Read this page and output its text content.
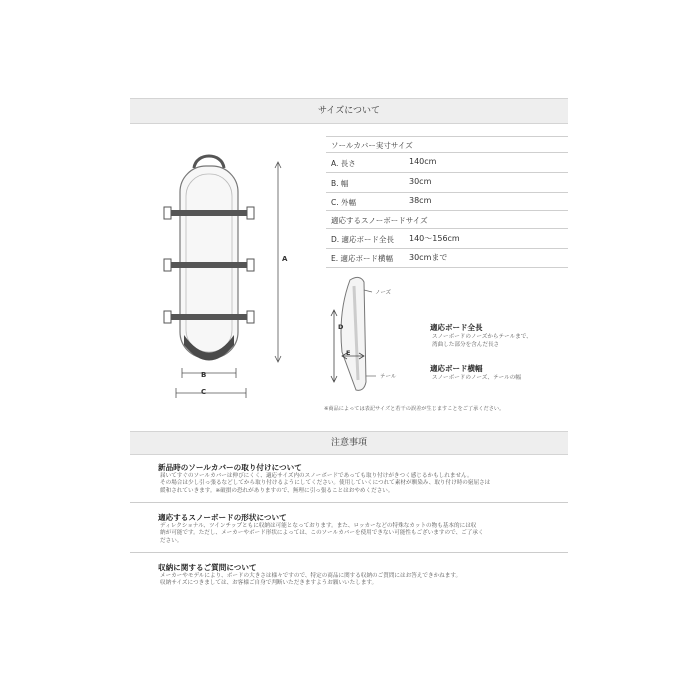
サイズについて
A
B
C
ソールカバー実寸サイズ
A. 長さ	140cm
B. 幅	30cm
C. 外幅	38cm
適応するスノーボードサイズ
D. 適応ボード全長 140〜156cm
E. 適応ボード横幅 30cmまで
ノーズ
テール
D
E
適応ボード全長
スノーボードのノーズからテールまで、
湾曲した部分を含んだ長さ
適応ボード横幅
スノーボードのノーズ、テールの幅
※商品によっては表記サイズと若干の誤差が生じますことをご了承ください。
注意事項
新品時のソールカバーの取り付けについて
届いてすぐのソールカバーは伸びにくく、適応サイズ内のスノーボードであっても取り付けがきつく感じるかもしれません。
その場合は少し引っ張るなどしてから取り付けるようにしてください。使用していくにつれて素材が馴染み、取り付け時の窮屈さは
緩和されていきます。※破損の恐れがありますので、無理に引っ張ることはおやめください。
適応するスノーボードの形状について
ディレクショナル、ツインチップともに収納は可能となっております。また、ロッカーなどの特殊なカットの物も基本的には収
納が可能です。ただし、メーカーやボード形状によっては、このソールカバーを使用できない可能性もございますので、ご了承く
ださい。
収納に関するご質問について
メーカーやモデルにより、ボードの大きさは様々ですので、特定の商品に関する収納のご質問にはお答えできかねます。
収納サイズにつきましては、お客様ご自身で判断いただきますようお願いいたします。
